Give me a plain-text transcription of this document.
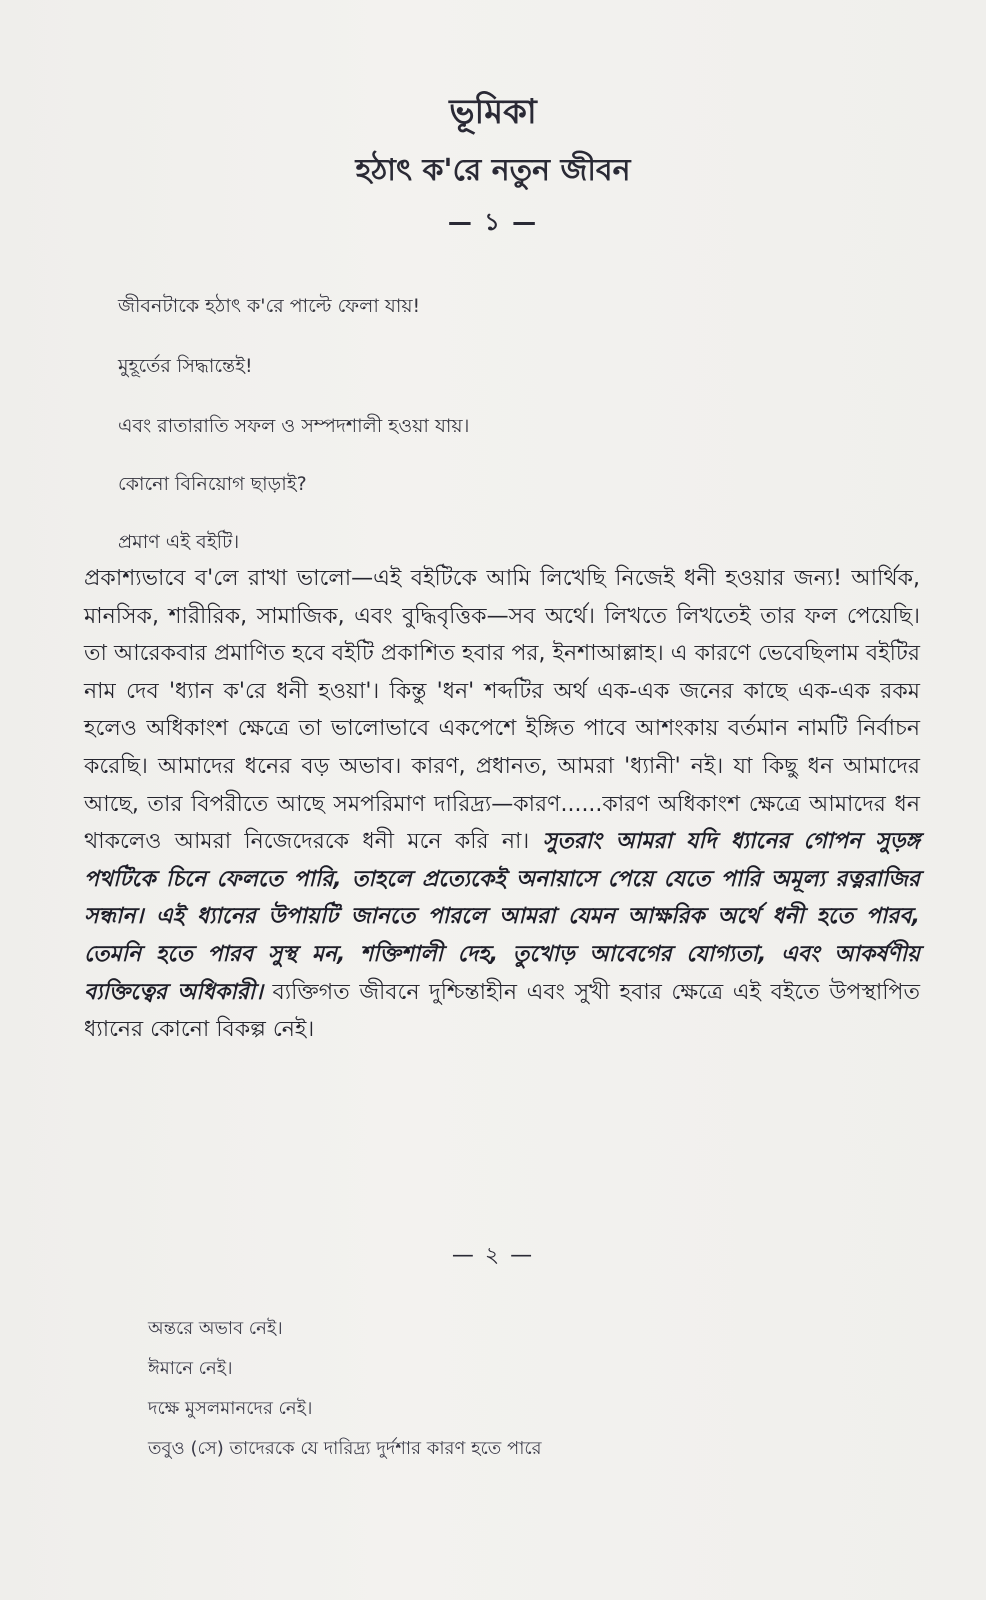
ভূমিকা
হঠাৎ ক'রে নতুন জীবন
— ১ —
জীবনটাকে হঠাৎ ক'রে পাল্টে ফেলা যায়!
মুহূর্তের সিদ্ধান্তেই!
এবং রাতারাতি সফল ও সম্পদশালী হওয়া যায়।
কোনো বিনিয়োগ ছাড়াই?
প্রমাণ এই বইটি।
প্রকাশ্যভাবে ব'লে রাখা ভালো—এই বইটিকে আমি লিখেছি নিজেই ধনী হওয়ার জন্য! আর্থিক, মানসিক, শারীরিক, সামাজিক, এবং বুদ্ধিবৃত্তিক—সব অর্থে। লিখতে লিখতেই তার ফল পেয়েছি। তা আরেকবার প্রমাণিত হবে বইটি প্রকাশিত হবার পর, ইনশাআল্লাহ। এ কারণে ভেবেছিলাম বইটির নাম দেব 'ধ্যান ক'রে ধনী হওয়া'। কিন্তু 'ধন' শব্দটির অর্থ এক-এক জনের কাছে এক-এক রকম হলেও অধিকাংশ ক্ষেত্রে তা ভালোভাবে একপেশে ইঙ্গিত পাবে আশংকায় বর্তমান নামটি নির্বাচন করেছি। আমাদের ধনের বড় অভাব। কারণ, প্রধানত, আমরা 'ধ্যানী' নই। যা কিছু ধন আমাদের আছে, তার বিপরীতে আছে সমপরিমাণ দারিদ্র্য—কারণ......কারণ অধিকাংশ ক্ষেত্রে আমাদের ধন থাকলেও আমরা নিজেদেরকে ধনী মনে করি না। সুতরাং আমরা যদি ধ্যানের গোপন সুড়ঙ্গ পথটিকে চিনে ফেলতে পারি, তাহলে প্রত্যেকেই অনায়াসে পেয়ে যেতে পারি অমূল্য রত্নরাজির সন্ধান। এই ধ্যানের উপায়টি জানতে পারলে আমরা যেমন আক্ষরিক অর্থে ধনী হতে পারব, তেমনি হতে পারব সুস্থ মন, শক্তিশালী দেহ, তুখোড় আবেগের যোগ্যতা, এবং আকর্ষণীয় ব্যক্তিত্বের অধিকারী। ব্যক্তিগত জীবনে দুশ্চিন্তাহীন এবং সুখী হবার ক্ষেত্রে এই বইতে উপস্থাপিত ধ্যানের কোনো বিকল্প নেই।
— ২ —
অন্তরে অভাব নেই।
ঈমানে নেই।
দক্ষে মুসলমানদের নেই।
তবুও (সে) তাদেরকে যে দারিদ্র্য দুর্দশার কারণ হতে পারে
